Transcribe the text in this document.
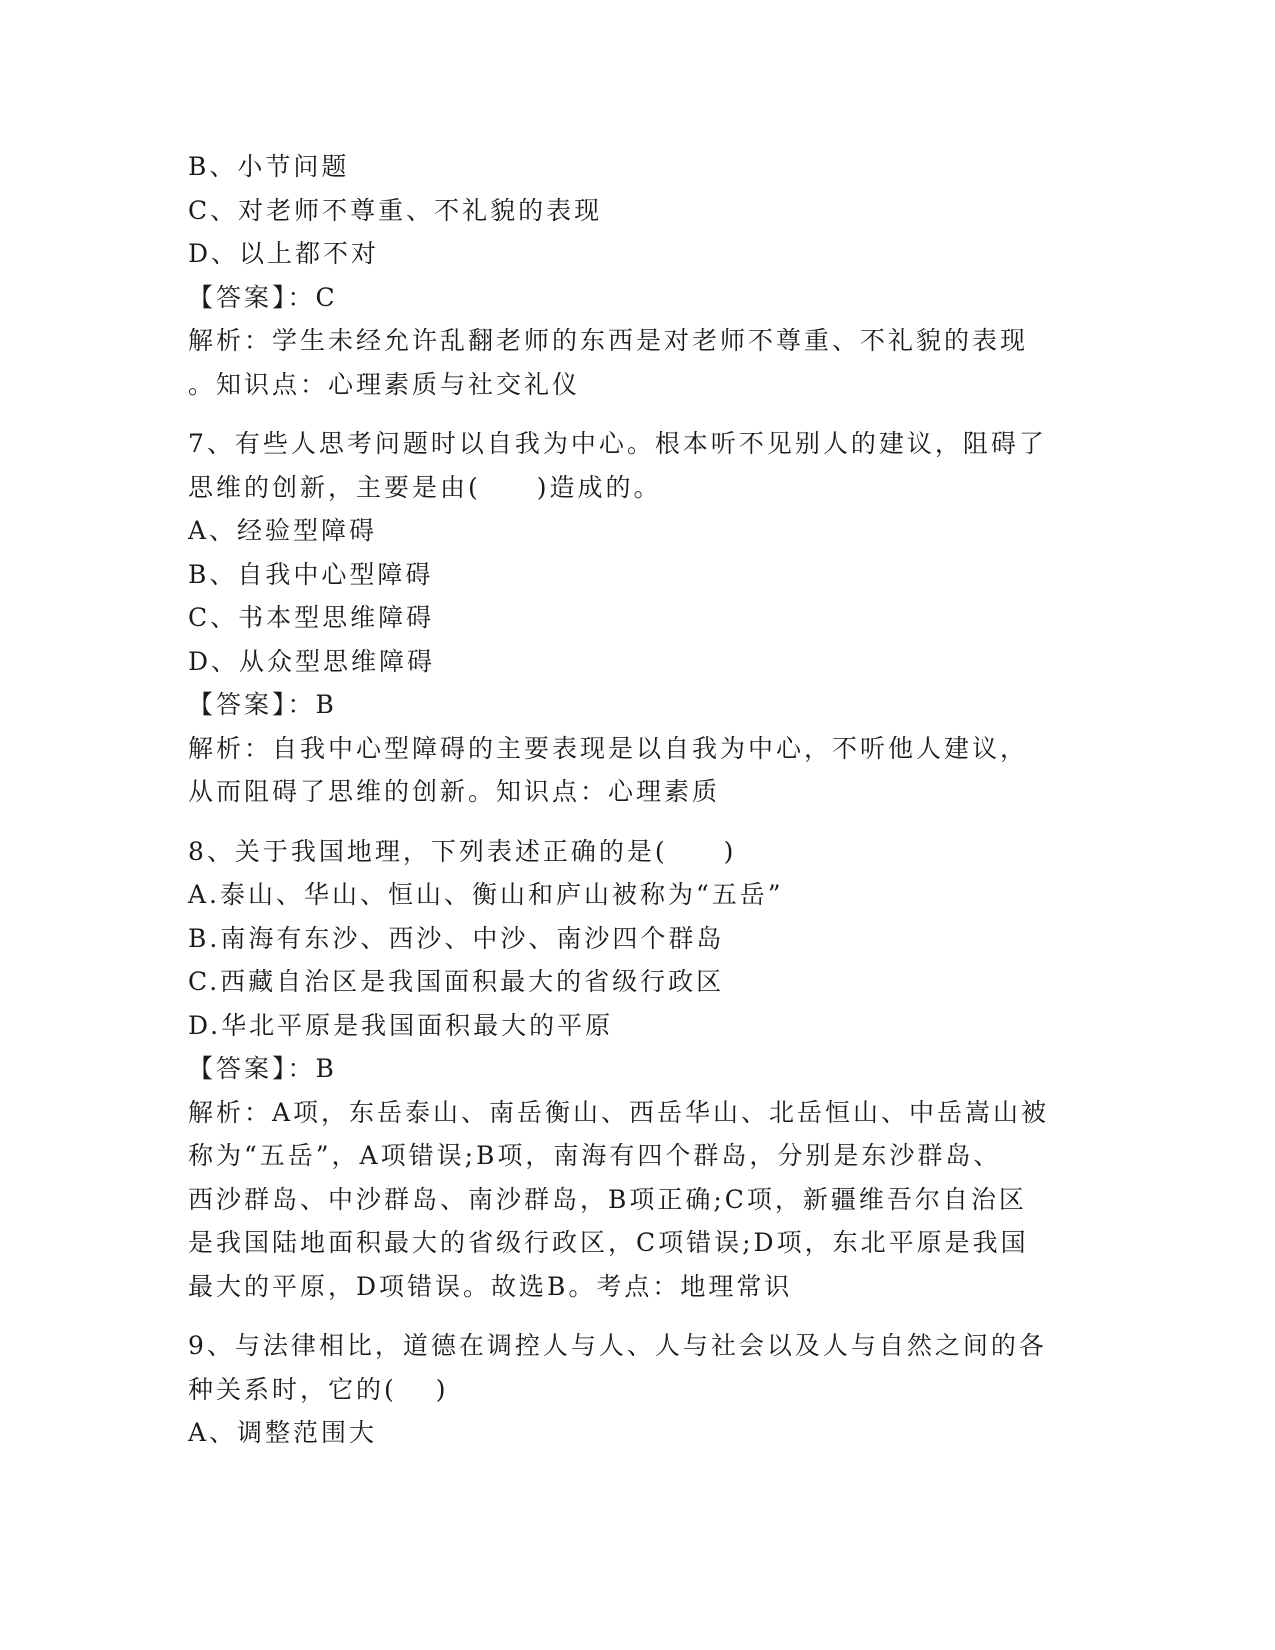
B、小节问题
C、对老师不尊重、不礼貌的表现
D、以上都不对
【答案】：C
解析：学生未经允许乱翻老师的东西是对老师不尊重、不礼貌的表现
。知识点：心理素质与社交礼仪
7、有些人思考问题时以自我为中心。根本听不见别人的建议，阻碍了
思维的创新，主要是由(　　)造成的。
A、经验型障碍
B、自我中心型障碍
C、书本型思维障碍
D、从众型思维障碍
【答案】：B
解析：自我中心型障碍的主要表现是以自我为中心，不听他人建议，
从而阻碍了思维的创新。知识点：心理素质
8、关于我国地理，下列表述正确的是(　　)
A.泰山、华山、恒山、衡山和庐山被称为“五岳”
B.南海有东沙、西沙、中沙、南沙四个群岛
C.西藏自治区是我国面积最大的省级行政区
D.华北平原是我国面积最大的平原
【答案】：B
解析：A项，东岳泰山、南岳衡山、西岳华山、北岳恒山、中岳嵩山被
称为“五岳”，A项错误;B项，南海有四个群岛，分别是东沙群岛、
西沙群岛、中沙群岛、南沙群岛，B项正确;C项，新疆维吾尔自治区
是我国陆地面积最大的省级行政区，C项错误;D项，东北平原是我国
最大的平原，D项错误。故选B。考点：地理常识
9、与法律相比，道德在调控人与人、人与社会以及人与自然之间的各
种关系时，它的(　 )
A、调整范围大
